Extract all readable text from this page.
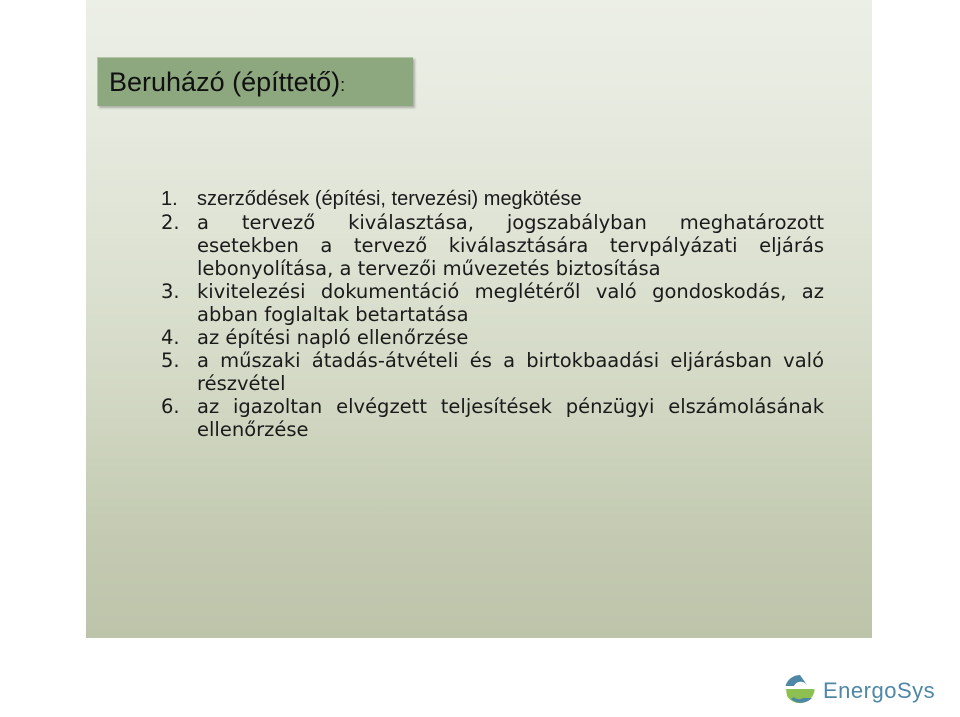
Beruházó (építtető):
1. szerződések (építési, tervezési) megkötése
2. a tervező kiválasztása, jogszabályban meghatározott esetekben a tervező kiválasztására tervpályázati eljárás lebonyolítása, a tervezői művezetés biztosítása
3. kivitelezési dokumentáció meglétéről való gondoskodás, az abban foglaltak betartatása
4. az építési napló ellenőrzése
5. a műszaki átadás-átvételi és a birtokbaadási eljárásban való részvétel
6. az igazoltan elvégzett teljesítések pénzügyi elszámolásának ellenőrzése
EnergoSys
